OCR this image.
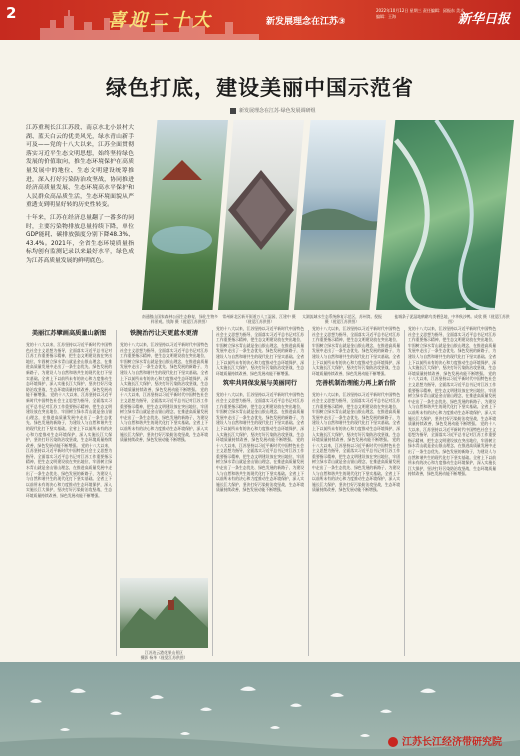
2	喜迎二十大	新发展理念在江苏③
2022年10月12日 星期三 责任编辑：邱振东 美术编辑：王海	新华日报
绿色打底，建设美丽中国示范省
新发展理念在江苏·绿色发展调研组

江苏重现长江江苏段、南京水北小景村大湖、蓝天白云的优美风光，绿水青山新手可及——党的十八大以来，江苏全面贯彻落实习近平生态文明思想，始终坚持绿色发展的价值取向，推生态环境保护在高质量发展中的地位、生态文明建设统筹推进，深入打好污染防治攻坚战，协同推进经济高质量发展、生态环境高水平保护和人民群众高品质生活，生态环境面貌从严重透支到明显好转的历史性转变。

十年来，江苏在经济总量翻了一番多的同时，主要污染物排放总量持续下降，单位GDP能耗、碳排放强度分别下降48.3%、43.4%。2021年，全省生态环境质量指标均创有监测记录以来最好水平，绿色成为江苏高质量发展的鲜明底色。

南通狼山国家森林公园生态修复，绿化生物多样景观。钱海 摄（视觉江苏供图）
常州新北区新开街道万人工湿园，江建中 摄（视觉江苏供图）
太湖流域水生态系统修复示范区，苏州湾。倪振 摄（视觉江苏供图）
盐城条子泥湿地鹤鹬鸟类栖息地，中华秋沙鸭。成欣 摄（视觉江苏供图）
美丽江苏擘画高质量山新图
党的十八大以来，江苏坚持以习近平新时代中国特色社会主义思想为指导，全面落实习近平总书记对江苏工作重要指示精神，把生态文明建设放在突出地位，牢固树立绿水青山就是金山银山理念，在推进高质量发展中走出了一条生态优先、绿色发展的新路子，为建设人与自然和谐共生的现代化打下坚实基础。全省上下以前所未有的决心和力度推动生态环境保护，深入实施长江大保护，坚决打好污染防治攻坚战，生态环境质量持续改善，绿色发展动能不断增强。 党的十八大以来，江苏坚持以习近平新时代中国特色社会主义思想为指导，全面落实习近平总书记对江苏工作重要指示精神，把生态文明建设放在突出地位，牢固树立绿水青山就是金山银山理念，在推进高质量发展中走出了一条生态优先、绿色发展的新路子，为建设人与自然和谐共生的现代化打下坚实基础。全省上下以前所未有的决心和力度推动生态环境保护，深入实施长江大保护，坚决打好污染防治攻坚战，生态环境质量持续改善，绿色发展动能不断增强。 党的十八大以来，江苏坚持以习近平新时代中国特色社会主义思想为指导，全面落实习近平总书记对江苏工作重要指示精神，把生态文明建设放在突出地位，牢固树立绿水青山就是金山银山理念，在推进高质量发展中走出了一条生态优先、绿色发展的新路子，为建设人与自然和谐共生的现代化打下坚实基础。全省上下以前所未有的决心和力度推动生态环境保护，深入实施长江大保护，坚决打好污染防治攻坚战，生态环境质量持续改善，绿色发展动能不断增强。
铁腕治污让天更蓝水更清
党的十八大以来，江苏坚持以习近平新时代中国特色社会主义思想为指导，全面落实习近平总书记对江苏工作重要指示精神，把生态文明建设放在突出地位，牢固树立绿水青山就是金山银山理念，在推进高质量发展中走出了一条生态优先、绿色发展的新路子，为建设人与自然和谐共生的现代化打下坚实基础。全省上下以前所未有的决心和力度推动生态环境保护，深入实施长江大保护，坚决打好污染防治攻坚战，生态环境质量持续改善，绿色发展动能不断增强。 党的十八大以来，江苏坚持以习近平新时代中国特色社会主义思想为指导，全面落实习近平总书记对江苏工作重要指示精神，把生态文明建设放在突出地位，牢固树立绿水青山就是金山银山理念，在推进高质量发展中走出了一条生态优先、绿色发展的新路子，为建设人与自然和谐共生的现代化打下坚实基础。全省上下以前所未有的决心和力度推动生态环境保护，深入实施长江大保护，坚决打好污染防治攻坚战，生态环境质量持续改善，绿色发展动能不断增强。
江苏连云港花果山景区
摄影 杨华（视觉江苏供图）
党的十八大以来，江苏坚持以习近平新时代中国特色社会主义思想为指导，全面落实习近平总书记对江苏工作重要指示精神，把生态文明建设放在突出地位，牢固树立绿水青山就是金山银山理念，在推进高质量发展中走出了一条生态优先、绿色发展的新路子，为建设人与自然和谐共生的现代化打下坚实基础。全省上下以前所未有的决心和力度推动生态环境保护，深入实施长江大保护，坚决打好污染防治攻坚战，生态环境质量持续改善，绿色发展动能不断增强。
筑牢共同保发展与美丽同行
党的十八大以来，江苏坚持以习近平新时代中国特色社会主义思想为指导，全面落实习近平总书记对江苏工作重要指示精神，把生态文明建设放在突出地位，牢固树立绿水青山就是金山银山理念，在推进高质量发展中走出了一条生态优先、绿色发展的新路子，为建设人与自然和谐共生的现代化打下坚实基础。全省上下以前所未有的决心和力度推动生态环境保护，深入实施长江大保护，坚决打好污染防治攻坚战，生态环境质量持续改善，绿色发展动能不断增强。 党的十八大以来，江苏坚持以习近平新时代中国特色社会主义思想为指导，全面落实习近平总书记对江苏工作重要指示精神，把生态文明建设放在突出地位，牢固树立绿水青山就是金山银山理念，在推进高质量发展中走出了一条生态优先、绿色发展的新路子，为建设人与自然和谐共生的现代化打下坚实基础。全省上下以前所未有的决心和力度推动生态环境保护，深入实施长江大保护，坚决打好污染防治攻坚战，生态环境质量持续改善，绿色发展动能不断增强。
党的十八大以来，江苏坚持以习近平新时代中国特色社会主义思想为指导，全面落实习近平总书记对江苏工作重要指示精神，把生态文明建设放在突出地位，牢固树立绿水青山就是金山银山理念，在推进高质量发展中走出了一条生态优先、绿色发展的新路子，为建设人与自然和谐共生的现代化打下坚实基础。全省上下以前所未有的决心和力度推动生态环境保护，深入实施长江大保护，坚决打好污染防治攻坚战，生态环境质量持续改善，绿色发展动能不断增强。
完善机制治理能力再上新台阶
党的十八大以来，江苏坚持以习近平新时代中国特色社会主义思想为指导，全面落实习近平总书记对江苏工作重要指示精神，把生态文明建设放在突出地位，牢固树立绿水青山就是金山银山理念，在推进高质量发展中走出了一条生态优先、绿色发展的新路子，为建设人与自然和谐共生的现代化打下坚实基础。全省上下以前所未有的决心和力度推动生态环境保护，深入实施长江大保护，坚决打好污染防治攻坚战，生态环境质量持续改善，绿色发展动能不断增强。 党的十八大以来，江苏坚持以习近平新时代中国特色社会主义思想为指导，全面落实习近平总书记对江苏工作重要指示精神，把生态文明建设放在突出地位，牢固树立绿水青山就是金山银山理念，在推进高质量发展中走出了一条生态优先、绿色发展的新路子，为建设人与自然和谐共生的现代化打下坚实基础。全省上下以前所未有的决心和力度推动生态环境保护，深入实施长江大保护，坚决打好污染防治攻坚战，生态环境质量持续改善，绿色发展动能不断增强。
党的十八大以来，江苏坚持以习近平新时代中国特色社会主义思想为指导，全面落实习近平总书记对江苏工作重要指示精神，把生态文明建设放在突出地位，牢固树立绿水青山就是金山银山理念，在推进高质量发展中走出了一条生态优先、绿色发展的新路子，为建设人与自然和谐共生的现代化打下坚实基础。全省上下以前所未有的决心和力度推动生态环境保护，深入实施长江大保护，坚决打好污染防治攻坚战，生态环境质量持续改善，绿色发展动能不断增强。 党的十八大以来，江苏坚持以习近平新时代中国特色社会主义思想为指导，全面落实习近平总书记对江苏工作重要指示精神，把生态文明建设放在突出地位，牢固树立绿水青山就是金山银山理念，在推进高质量发展中走出了一条生态优先、绿色发展的新路子，为建设人与自然和谐共生的现代化打下坚实基础。全省上下以前所未有的决心和力度推动生态环境保护，深入实施长江大保护，坚决打好污染防治攻坚战，生态环境质量持续改善，绿色发展动能不断增强。 党的十八大以来，江苏坚持以习近平新时代中国特色社会主义思想为指导，全面落实习近平总书记对江苏工作重要指示精神，把生态文明建设放在突出地位，牢固树立绿水青山就是金山银山理念，在推进高质量发展中走出了一条生态优先、绿色发展的新路子，为建设人与自然和谐共生的现代化打下坚实基础。全省上下以前所未有的决心和力度推动生态环境保护，深入实施长江大保护，坚决打好污染防治攻坚战，生态环境质量持续改善，绿色发展动能不断增强。
江苏长江经济带研究院
